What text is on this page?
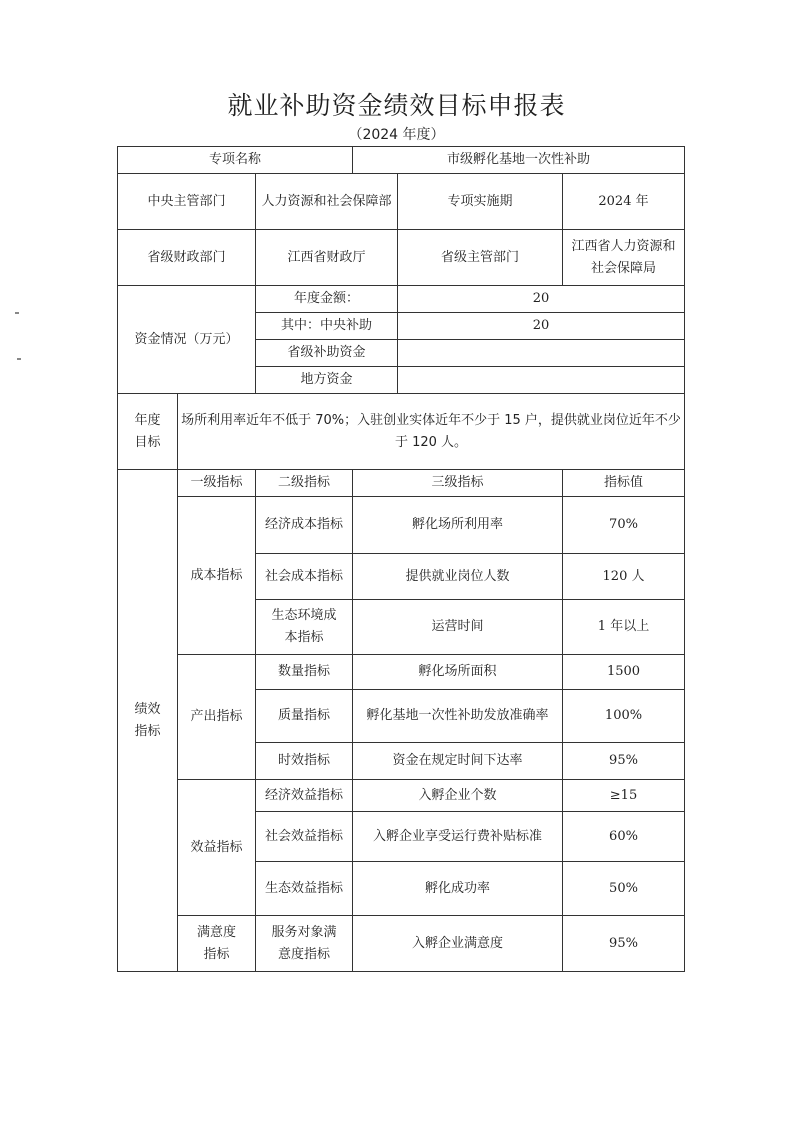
就业补助资金绩效目标申报表
（2024 年度）
专项名称			市级孵化基地一次性补助		
中央主管部门		人力资源和社会保障部		专项实施期	2024 年
省级财政部门		江西省财政厅		省级主管部门	江西省人力资源和社会保障局
资金情况（万元）		年度金额：		20	
		其中：中央补助		20	
		省级补助资金			
		地方资金			
年度目标	场所利用率近年不低于 70%；入驻创业实体近年不少于 15 户，提供就业岗位近年不少于 120 人。				
绩效指标	一级指标	二级指标	三级指标		指标值
	成本指标	经济成本指标	孵化场所利用率		70%
		社会成本指标	提供就业岗位人数		120 人
		生态环境成本指标	运营时间		1 年以上
	产出指标	数量指标	孵化场所面积		1500
		质量指标	孵化基地一次性补助发放准确率		100%
		时效指标	资金在规定时间下达率		95%
	效益指标	经济效益指标	入孵企业个数		≥15
		社会效益指标	入孵企业享受运行费补贴标准		60%
		生态效益指标	孵化成功率		50%
	满意度指标	服务对象满意度指标	入孵企业满意度		95%
